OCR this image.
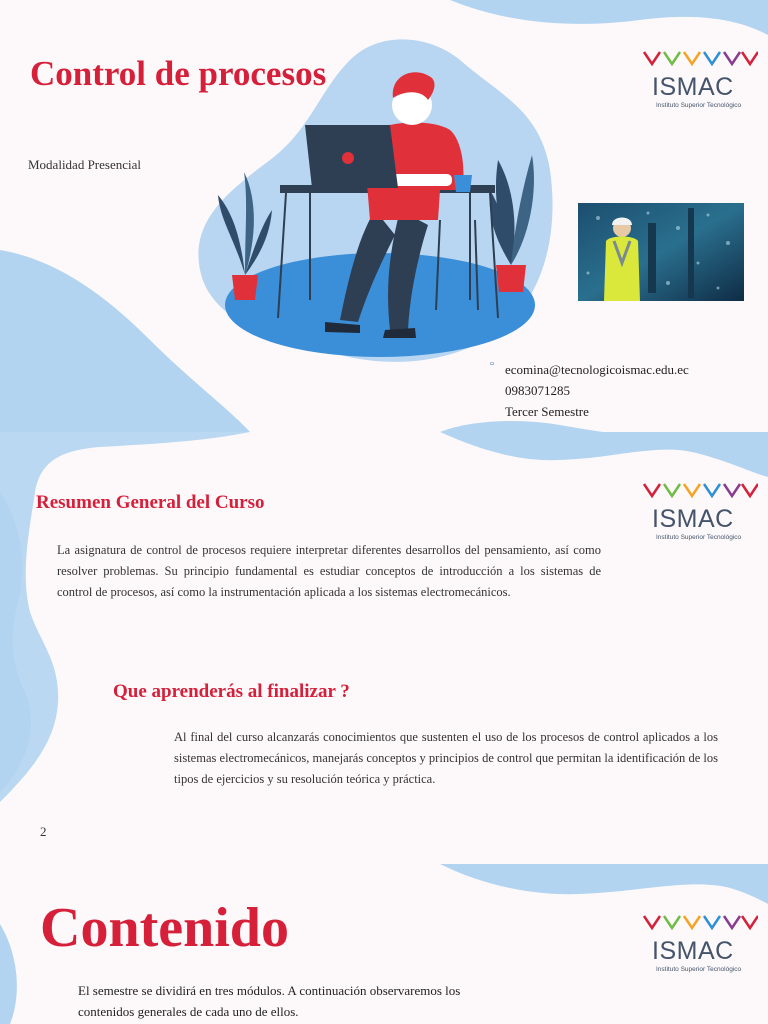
Control de procesos
Modalidad Presencial
ISMAC
Instituto Superior Tecnológico
▫ ecomina@tecnologicoismac.edu.ec
0983071285
Tercer Semestre
ISMAC
Instituto Superior Tecnológico
Resumen General del Curso
La asignatura de control de procesos requiere interpretar diferentes desarrollos del pensamiento, así como resolver problemas. Su principio fundamental es estudiar conceptos de introducción a los sistemas de control de procesos, así como la instrumentación aplicada a los sistemas electromecánicos.
Que aprenderás al finalizar ?
Al final del curso alcanzarás conocimientos que sustenten el uso de los procesos de control aplicados a los sistemas electromecánicos, manejarás conceptos y principios de control que permitan la identificación de los tipos de ejercicios y su resolución teórica y práctica.
2
ISMAC
Instituto Superior Tecnológico
Contenido
El semestre se dividirá en tres módulos. A continuación observaremos los contenidos generales de cada uno de ellos.
